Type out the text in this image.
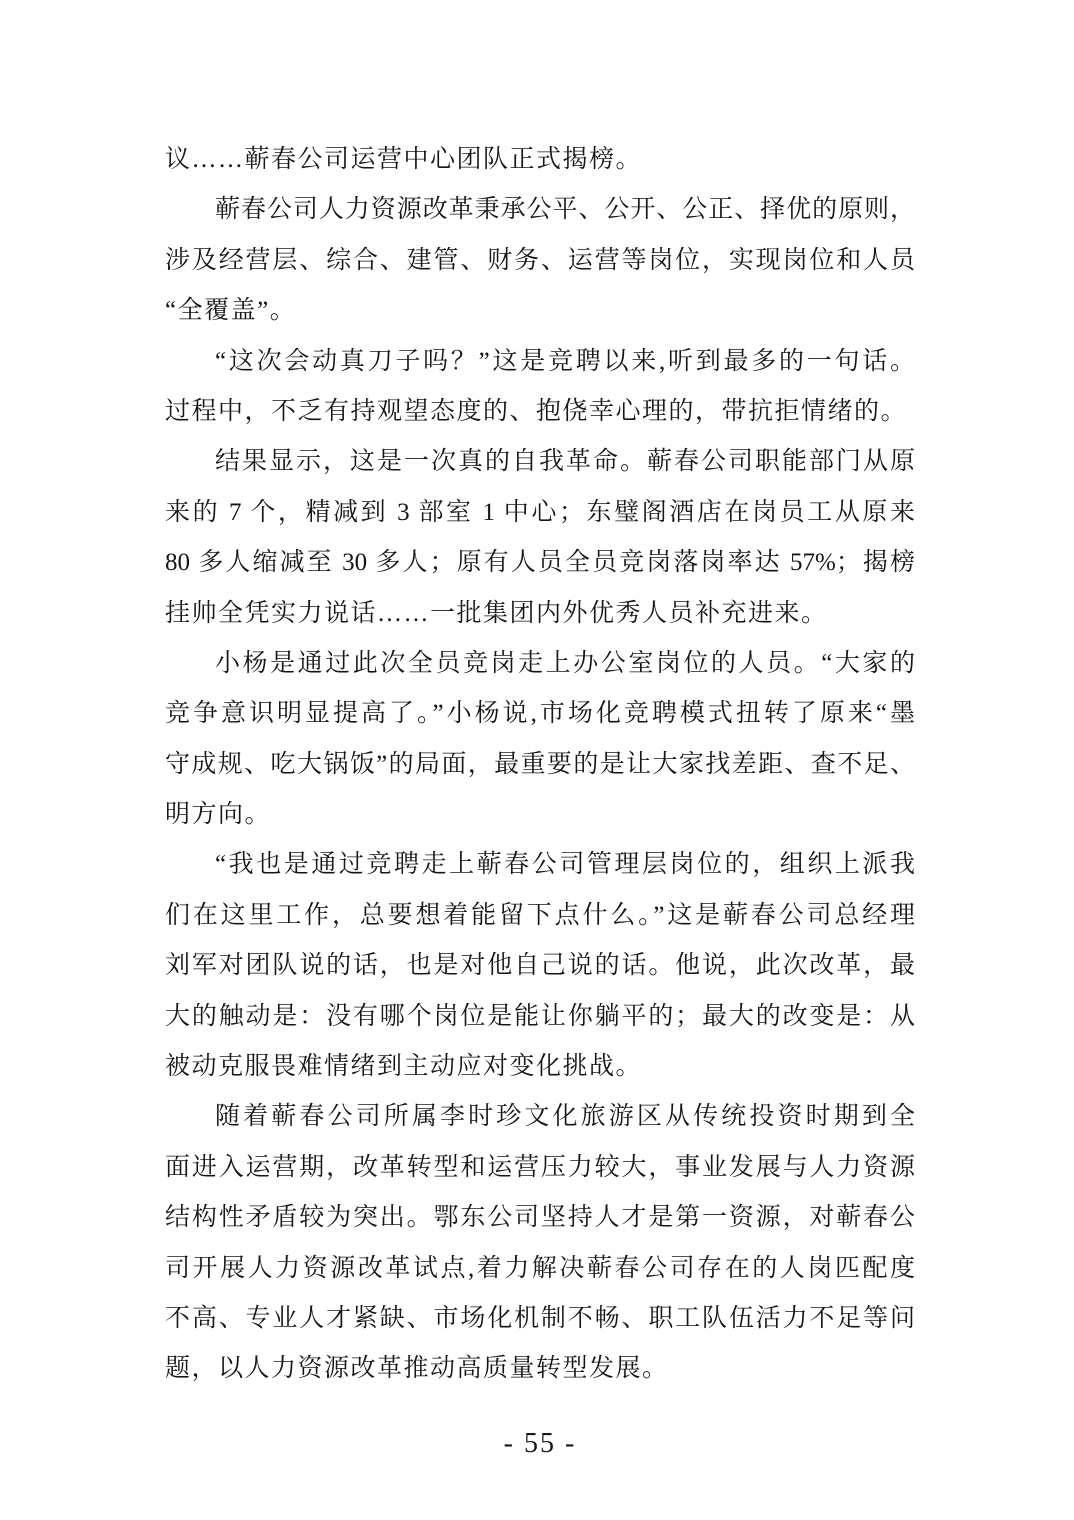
议……蕲春公司运营中心团队正式揭榜。
蕲春公司人力资源改革秉承公平、公开、公正、择优的原则，
涉及经营层、综合、建管、财务、运营等岗位，实现岗位和人员
“全覆盖”。
“这次会动真刀子吗？”这是竞聘以来,听到最多的一句话。
过程中，不乏有持观望态度的、抱侥幸心理的，带抗拒情绪的。
结果显示，这是一次真的自我革命。蕲春公司职能部门从原
来的 7 个，精减到 3 部室 1 中心；东璧阁酒店在岗员工从原来
80 多人缩减至 30 多人；原有人员全员竞岗落岗率达 57%；揭榜
挂帅全凭实力说话……一批集团内外优秀人员补充进来。
小杨是通过此次全员竞岗走上办公室岗位的人员。“大家的
竞争意识明显提高了。”小杨说,市场化竞聘模式扭转了原来“墨
守成规、吃大锅饭”的局面，最重要的是让大家找差距、查不足、
明方向。
“我也是通过竞聘走上蕲春公司管理层岗位的，组织上派我
们在这里工作，总要想着能留下点什么。”这是蕲春公司总经理
刘军对团队说的话，也是对他自己说的话。他说，此次改革，最
大的触动是：没有哪个岗位是能让你躺平的；最大的改变是：从
被动克服畏难情绪到主动应对变化挑战。
随着蕲春公司所属李时珍文化旅游区从传统投资时期到全
面进入运营期，改革转型和运营压力较大，事业发展与人力资源
结构性矛盾较为突出。鄂东公司坚持人才是第一资源，对蕲春公
司开展人力资源改革试点,着力解决蕲春公司存在的人岗匹配度
不高、专业人才紧缺、市场化机制不畅、职工队伍活力不足等问
题，以人力资源改革推动高质量转型发展。
- 55 -
